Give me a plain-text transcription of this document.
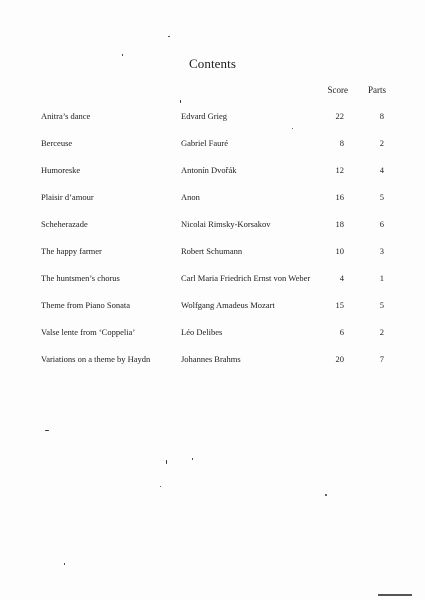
Contents
Score	Parts
Anitra’s dance	Edvard Grieg	22	8
Berceuse	Gabriel Fauré	8	2
Humoreske	Antonín Dvořák	12	4
Plaisir d’amour	Anon	16	5
Scheherazade	Nicolai Rimsky-Korsakov	18	6
The happy farmer	Robert Schumann	10	3
The huntsmen’s chorus	Carl Maria Friedrich Ernst von Weber	4	1
Theme from Piano Sonata	Wolfgang Amadeus Mozart	15	5
Valse lente from ‘Coppelia’	Léo Delibes	6	2
Variations on a theme by Haydn	Johannes Brahms	20	7
